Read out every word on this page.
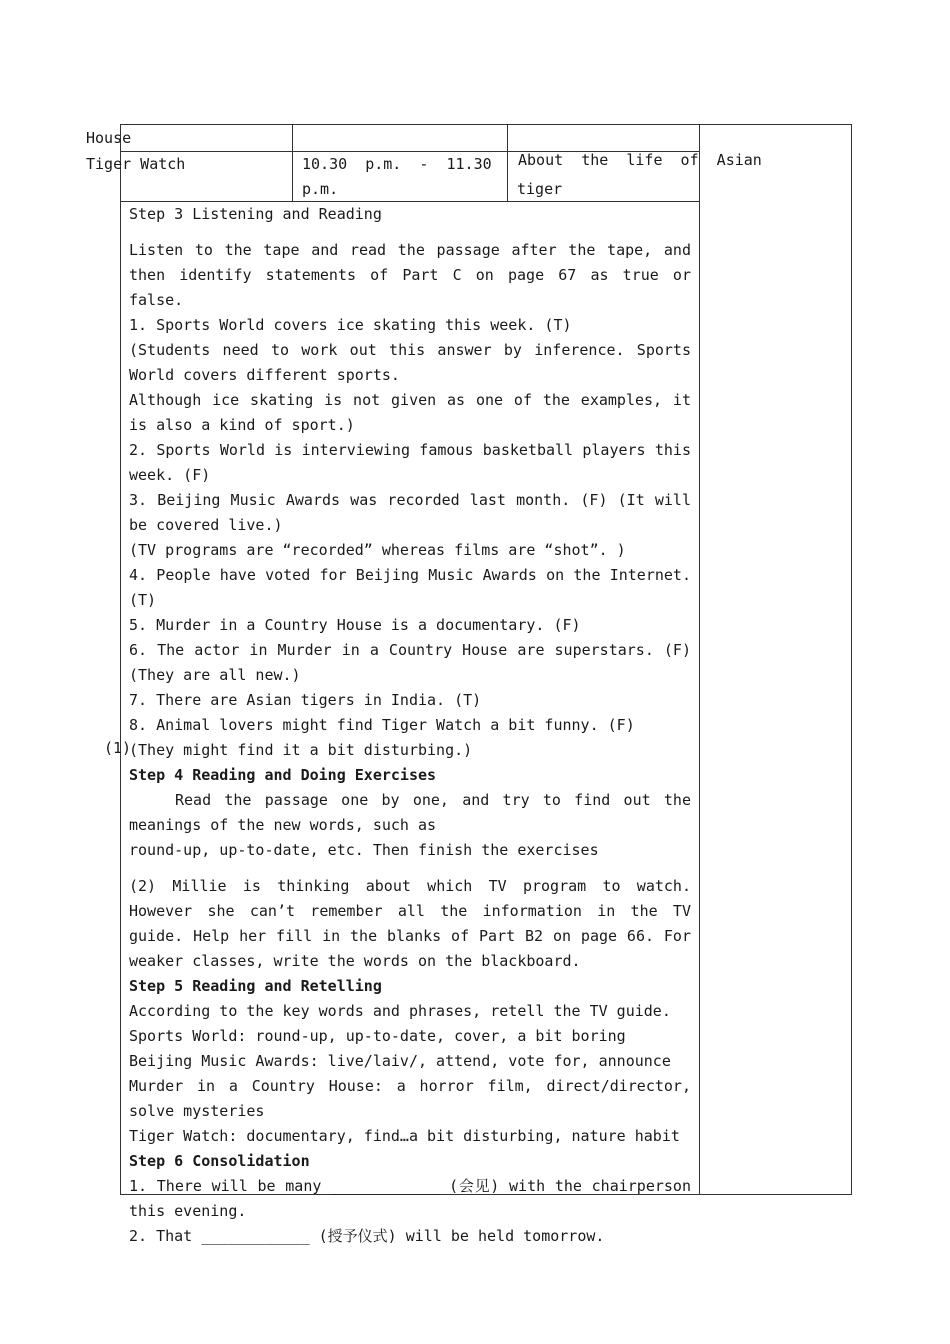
House
Tiger Watch	10.30  p.m.  -  11.30
p.m.
About  the  life  of  Asian
tiger
(1)

Step 3 Listening and Reading

Listen to the tape and read the passage after the tape, and then identify statements of Part C on page 67 as true or false.

1. Sports World covers ice skating this week. (T)

(Students need to work out this answer by inference. Sports World covers different sports.

Although ice skating is not given as one of the examples, it is also a kind of sport.)

2. Sports World is interviewing famous basketball players this week. (F)

3. Beijing Music Awards was recorded last month. (F) (It will be covered live.)

(TV programs are “recorded” whereas films are “shot”. )

4. People have voted for Beijing Music Awards on the Internet. (T)

5. Murder in a Country House is a documentary. (F)

6. The actor in Murder in a Country House are superstars. (F) (They are all new.)

7. There are Asian tigers in India. (T)

8. Animal lovers might find Tiger Watch a bit funny. (F)

(They might find it a bit disturbing.)

Step 4 Reading and Doing Exercises

Read the passage one by one, and try to find out the meanings of the new words, such as

round-up, up-to-date, etc. Then finish the exercises

(2) Millie is thinking about which TV program to watch. However she can’t remember all the information in the TV guide. Help her fill in the blanks of Part B2 on page 66. For weaker classes, write the words on the blackboard.

Step 5 Reading and Retelling

According to the key words and phrases, retell the TV guide.

Sports World: round-up, up-to-date, cover, a bit boring

Beijing Music Awards: live/laiv/, attend, vote for, announce

Murder in a Country House: a horror film, direct/director, solve mysteries

Tiger Watch: documentary, find…a bit disturbing, nature habit

Step 6 Consolidation

1. There will be many ____________ (会见) with the chairperson this evening.

2. That ____________ (授予仪式) will be held tomorrow.
